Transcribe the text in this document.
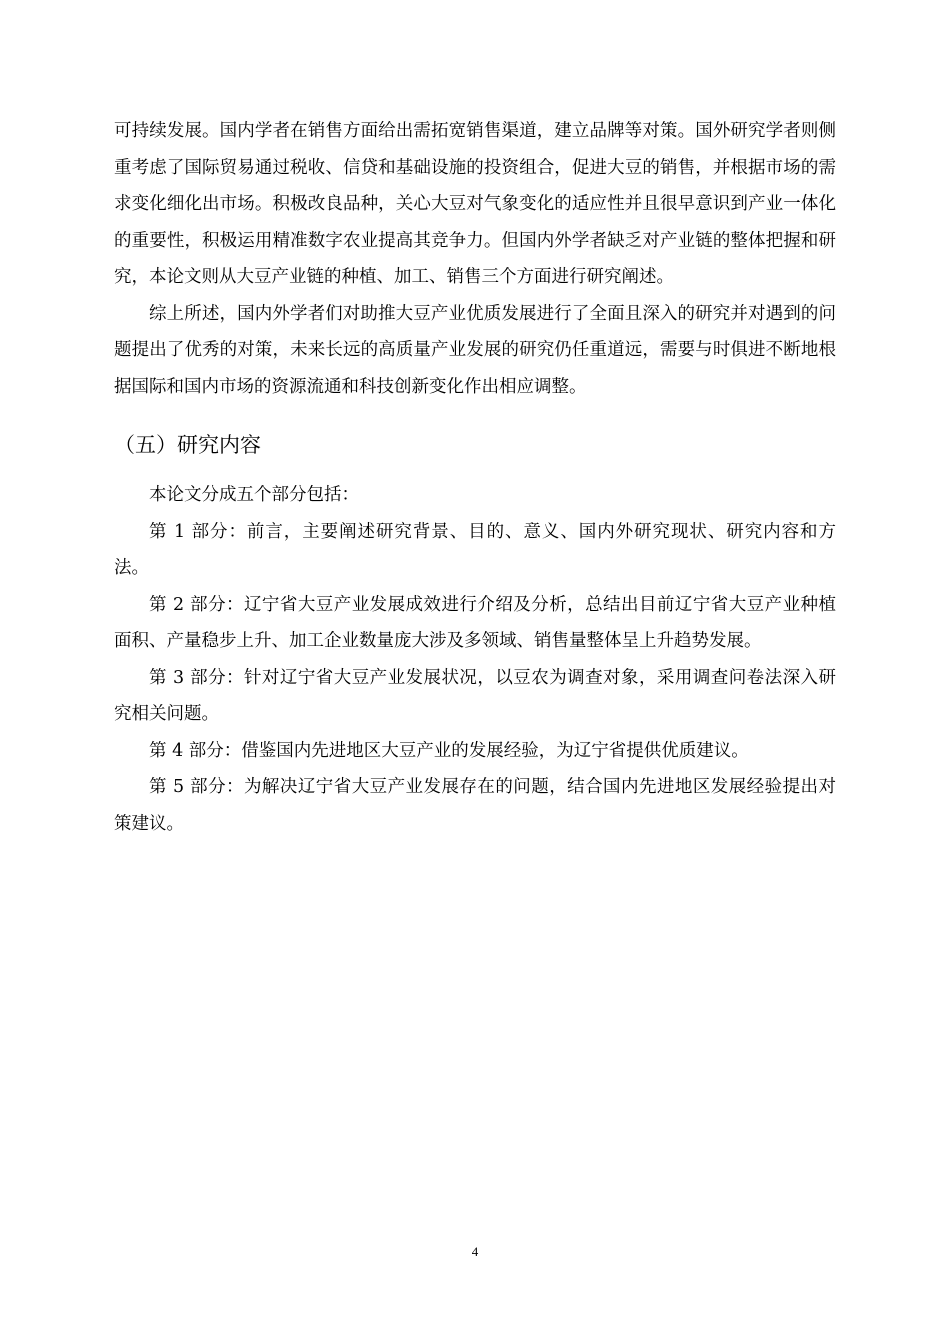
可持续发展。国内学者在销售方面给出需拓宽销售渠道，建立品牌等对策。国外研究学者则侧重考虑了国际贸易通过税收、信贷和基础设施的投资组合，促进大豆的销售，并根据市场的需求变化细化出市场。积极改良品种，关心大豆对气象变化的适应性并且很早意识到产业一体化的重要性，积极运用精准数字农业提高其竞争力。但国内外学者缺乏对产业链的整体把握和研究，本论文则从大豆产业链的种植、加工、销售三个方面进行研究阐述。

综上所述，国内外学者们对助推大豆产业优质发展进行了全面且深入的研究并对遇到的问题提出了优秀的对策，未来长远的高质量产业发展的研究仍任重道远，需要与时俱进不断地根据国际和国内市场的资源流通和科技创新变化作出相应调整。

（五）研究内容

本论文分成五个部分包括：

第 1 部分：前言，主要阐述研究背景、目的、意义、国内外研究现状、研究内容和方法。

第 2 部分：辽宁省大豆产业发展成效进行介绍及分析，总结出目前辽宁省大豆产业种植面积、产量稳步上升、加工企业数量庞大涉及多领域、销售量整体呈上升趋势发展。

第 3 部分：针对辽宁省大豆产业发展状况，以豆农为调查对象，采用调查问卷法深入研究相关问题。

第 4 部分：借鉴国内先进地区大豆产业的发展经验，为辽宁省提供优质建议。

第 5 部分：为解决辽宁省大豆产业发展存在的问题，结合国内先进地区发展经验提出对策建议。

4
